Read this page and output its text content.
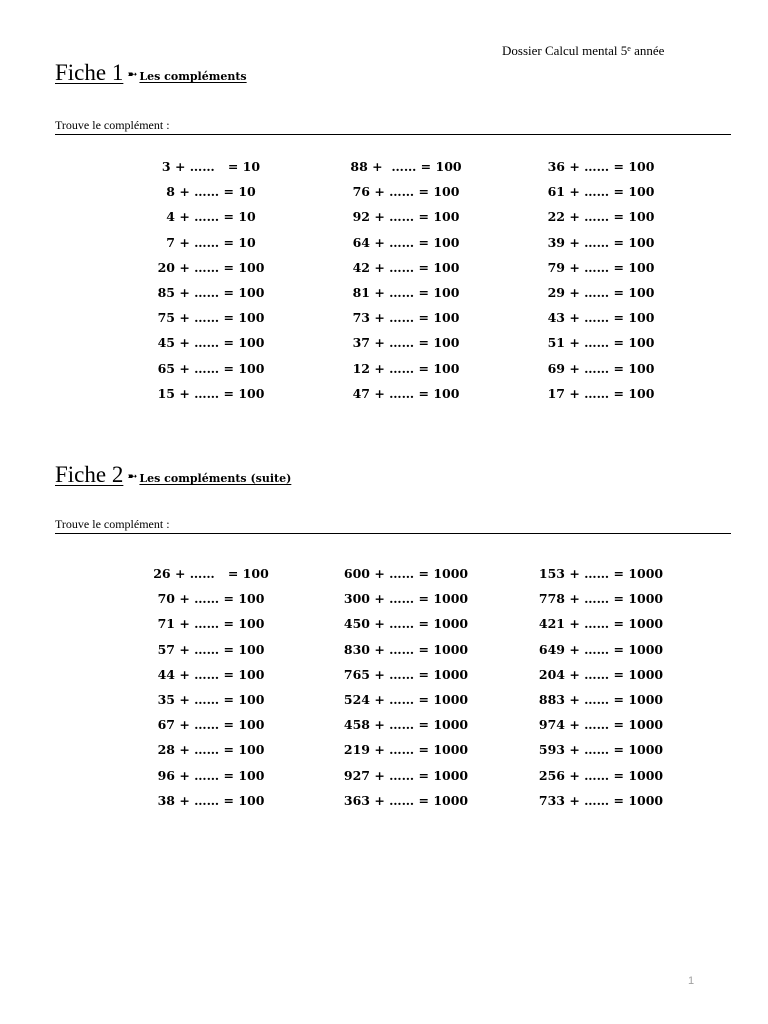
Dossier Calcul mental 5e année
Fiche 1 ➼ Les compléments
Trouve le complément :
3 + ……   = 10
8 + …… = 10
4 + …… = 10
7 + …… = 10
20 + …… = 100
85 + …… = 100
75 + …… = 100
45 + …… = 100
65 + …… = 100
15 + …… = 100
88 +  …… = 100
76 + …… = 100
92 + …… = 100
64 + …… = 100
42 + …… = 100
81 + …… = 100
73 + …… = 100
37 + …… = 100
12 + …… = 100
47 + …… = 100
36 + …… = 100
61 + …… = 100
22 + …… = 100
39 + …… = 100
79 + …… = 100
29 + …… = 100
43 + …… = 100
51 + …… = 100
69 + …… = 100
17 + …… = 100
Fiche 2 ➼ Les compléments (suite)
Trouve le complément :
26 + ……   = 100
70 + …… = 100
71 + …… = 100
57 + …… = 100
44 + …… = 100
35 + …… = 100
67 + …… = 100
28 + …… = 100
96 + …… = 100
38 + …… = 100
600 + …… = 1000
300 + …… = 1000
450 + …… = 1000
830 + …… = 1000
765 + …… = 1000
524 + …… = 1000
458 + …… = 1000
219 + …… = 1000
927 + …… = 1000
363 + …… = 1000
153 + …… = 1000
778 + …… = 1000
421 + …… = 1000
649 + …… = 1000
204 + …… = 1000
883 + …… = 1000
974 + …… = 1000
593 + …… = 1000
256 + …… = 1000
733 + …… = 1000
1
